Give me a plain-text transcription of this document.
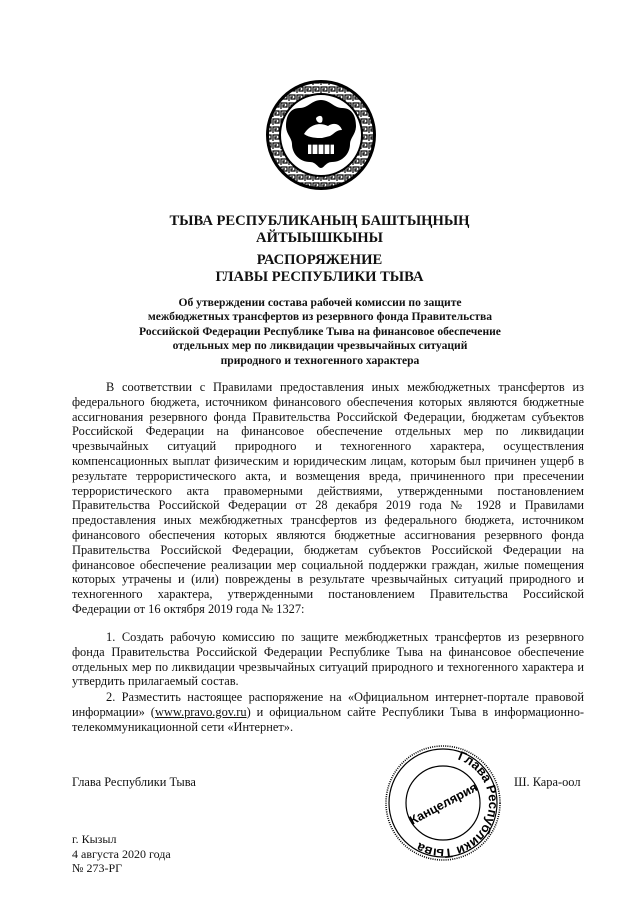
ТЫВА РЕСПУБЛИКАНЫҢ БАШТЫҢНЫҢ
АЙТЫЫШКЫНЫ
РАСПОРЯЖЕНИЕ
ГЛАВЫ РЕСПУБЛИКИ ТЫВА
Об утверждении состава рабочей комиссии по защите
межбюджетных трансфертов из резервного фонда Правительства
Российской Федерации Республике Тыва на финансовое обеспечение
отдельных мер по ликвидации чрезвычайных ситуаций
природного и техногенного характера

В соответствии с Правилами предоставления иных межбюджетных трансфертов из федерального бюджета, источником финансового обеспечения которых являются бюджетные ассигнования резервного фонда Правительства Российской Федерации, бюджетам субъектов Российской Федерации на финансовое обеспечение отдельных мер по ликвидации чрезвычайных ситуаций природного и техногенного характера, осуществления компенсационных выплат физическим и юридическим лицам, которым был причинен ущерб в результате террористического акта, и возмещения вреда, причиненного при пресечении террористического акта правомерными действиями, утвержденными постановлением Правительства Российской Федерации от 28 декабря 2019 года № 1928 и Правилами предоставления иных межбюджетных трансфертов из федерального бюджета, источником финансового обеспечения которых являются бюджетные ассигнования резервного фонда Правительства Российской Федерации, бюджетам субъектов Российской Федерации на финансовое обеспечение реализации мер социальной поддержки граждан, жилые помещения которых утрачены и (или) повреждены в результате чрезвычайных ситуаций природного и техногенного характера, утвержденными постановлением Правительства Российской Федерации от 16 октября 2019 года № 1327:

1. Создать рабочую комиссию по защите межбюджетных трансфертов из резервного фонда Правительства Российской Федерации Республике Тыва на финансовое обеспечение отдельных мер по ликвидации чрезвычайных ситуаций природного и техногенного характера и утвердить прилагаемый состав.

2. Разместить настоящее распоряжение на «Официальном интернет-портале правовой информации» (www.pravo.gov.ru) и официальном сайте Республики Тыва в информационно-телекоммуникационной сети «Интернет».

Глава Республики Тыва	Ш. Кара-оол
Глава Республики Тыва
Канцелярия
г. Кызыл
4 августа 2020 года
№ 273-РГ
